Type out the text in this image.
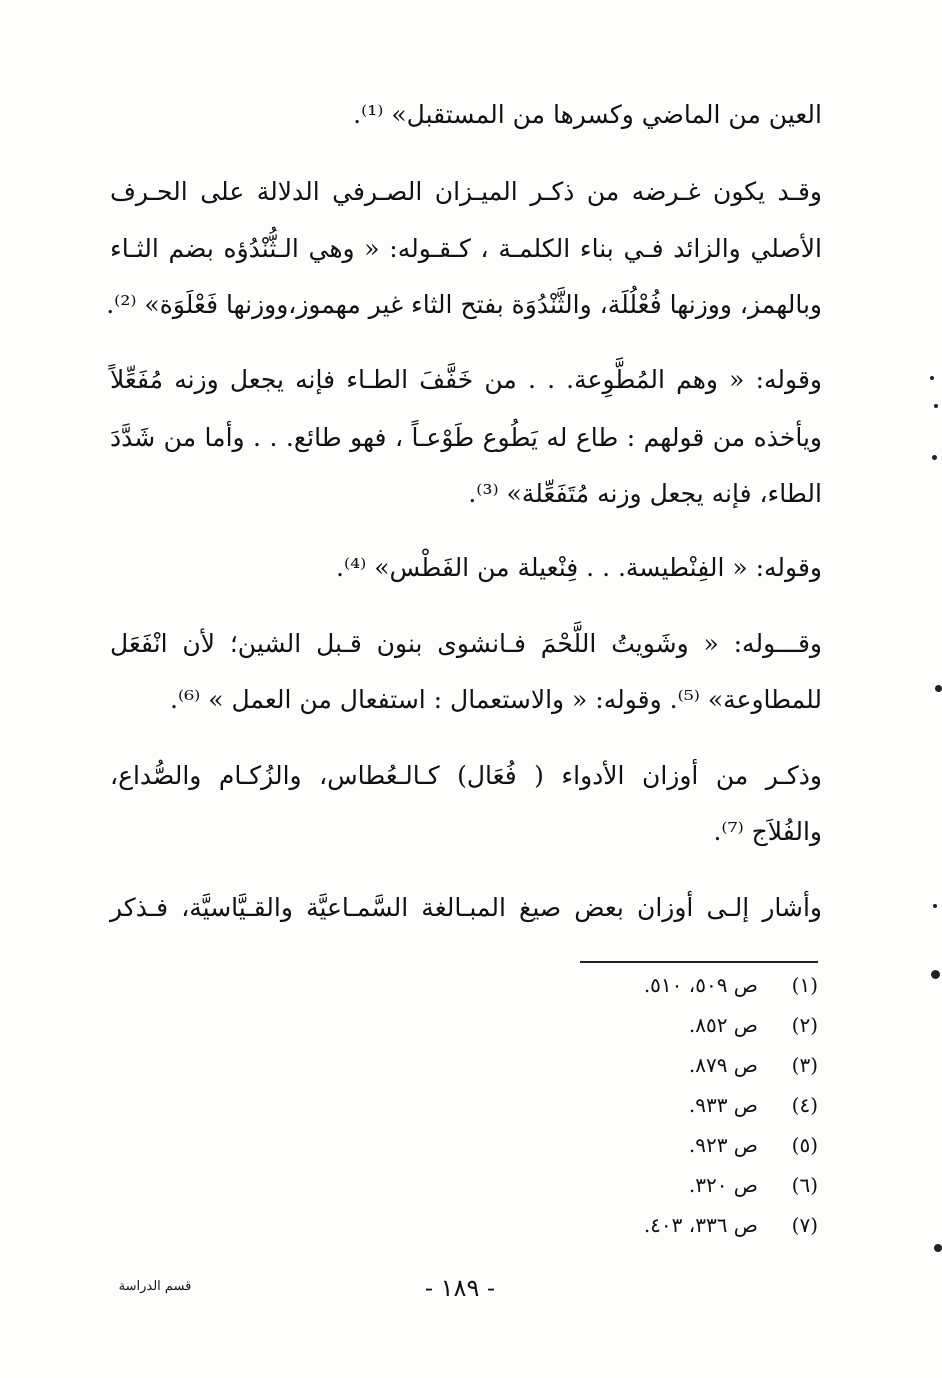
العين من الماضي وكسرها من المستقبل» ⁽¹⁾.
وقـد يكون غـرضه من ذكـر الميـزان الصـرفي الدلالة على الحـرف
الأصلي والزائد فـي بناء الكلمـة ، كـقـوله: « وهي الـثُّنْدُؤه بضم الثـاء
وبالهمز، ووزنها فُعْلُلَة، والثَّنْدُوَة بفتح الثاء غير مهموز،ووزنها فَعْلَوَة» ⁽²⁾.
وقوله: « وهم المُطَّوِعة. . . من خَفَّفَ الطـاء فإنه يجعل وزنه مُفَعِّلاً
ويأخذه من قولهم : طاع له يَطُوع طَوْعـاً ، فهو طائع. . . وأما من شَدَّدَ
الطاء، فإنه يجعل وزنه مُتَفَعِّلة» ⁽³⁾.
وقوله: « الفِنْطيسة. . . فِنْعيلة من الفَطْس» ⁽⁴⁾.
وقـــوله: « وشَويتُ اللَّحْمَ فـانشوى بنون قـبل الشين؛ لأن انْفَعَل
للمطاوعة» ⁽⁵⁾. وقوله: « والاستعمال : استفعال من العمل » ⁽⁶⁾.
وذكـر من أوزان الأدواء ( فُعَال) كـالـعُطاس، والزُكـام والصُّداع،
والفُلاَج ⁽⁷⁾.
وأشار إلـى أوزان بعض صيغ المبـالغة السَّمـاعيَّة والقـيَّاسيَّة، فـذكر
(١)
ص ٥٠٩، ٥١٠.
(٢)
ص ٨٥٢.
(٣)
ص ٨٧٩.
(٤)
ص ٩٣٣.
(٥)
ص ٩٢٣.
(٦)
ص ٣٢٠.
(٧)
ص ٣٣٦، ٤٠٣.
- ١٨٩ -
قسم الدراسة
